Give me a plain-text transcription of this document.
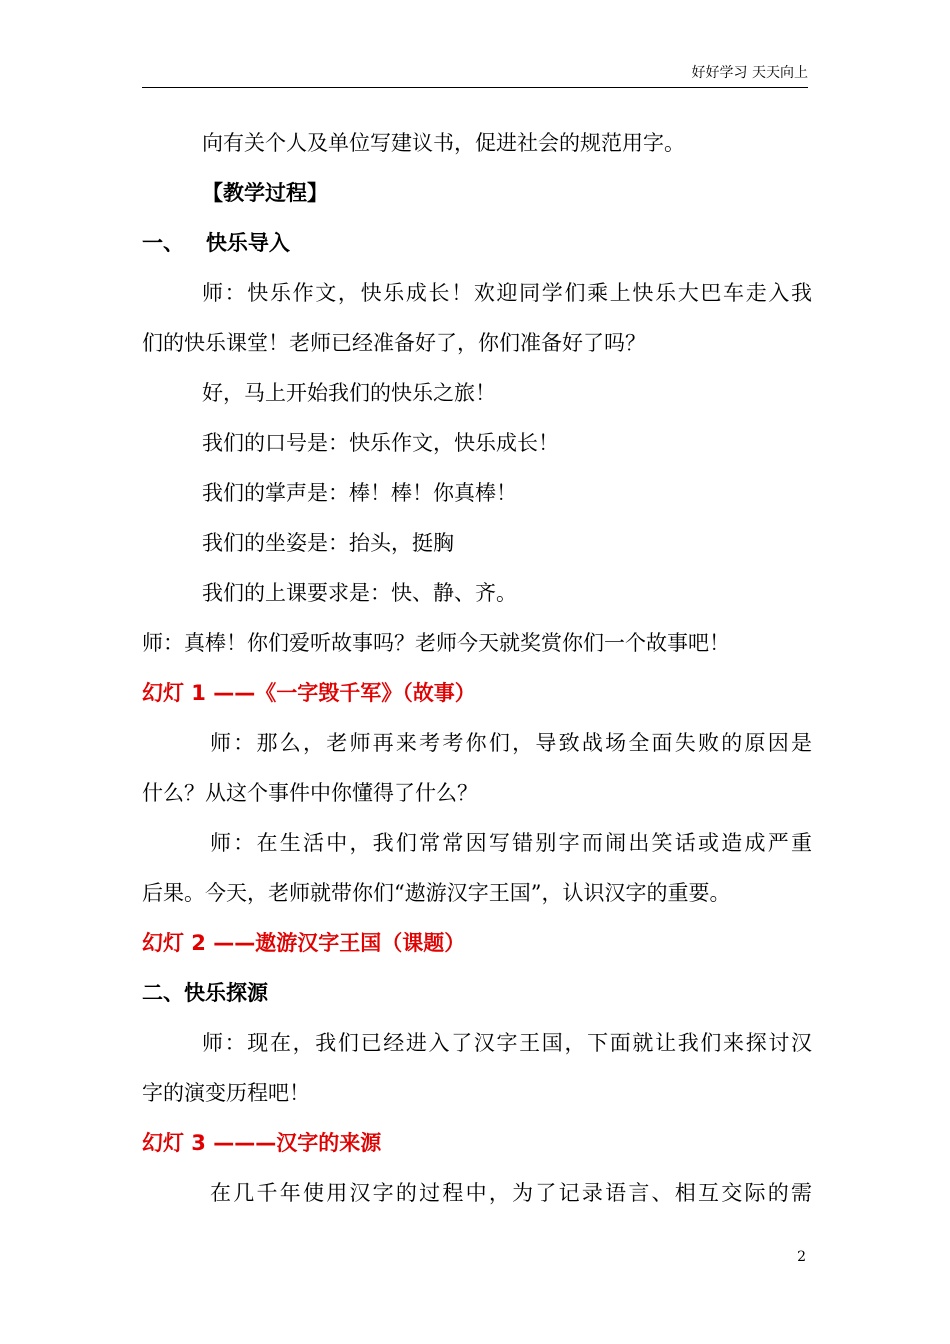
好好学习 天天向上
向有关个人及单位写建议书，促进社会的规范用字。
【教学过程】
一、   快乐导入
师：快乐作文，快乐成长！欢迎同学们乘上快乐大巴车走入我
们的快乐课堂！老师已经准备好了，你们准备好了吗？
好，马上开始我们的快乐之旅！
我们的口号是：快乐作文，快乐成长！
我们的掌声是：棒！棒！你真棒！
我们的坐姿是：抬头，挺胸
我们的上课要求是：快、静、齐。
师：真棒！你们爱听故事吗？老师今天就奖赏你们一个故事吧！
幻灯 1 ——《一字毁千军》（故事）
师：那么，老师再来考考你们，导致战场全面失败的原因是
什么？从这个事件中你懂得了什么？
师：在生活中，我们常常因写错别字而闹出笑话或造成严重
后果。今天，老师就带你们“遨游汉字王国”，认识汉字的重要。
幻灯 2 ——遨游汉字王国（课题）
二、快乐探源
师：现在，我们已经进入了汉字王国，下面就让我们来探讨汉
字的演变历程吧！
幻灯 3 ———汉字的来源
在几千年使用汉字的过程中，为了记录语言、相互交际的需
2
